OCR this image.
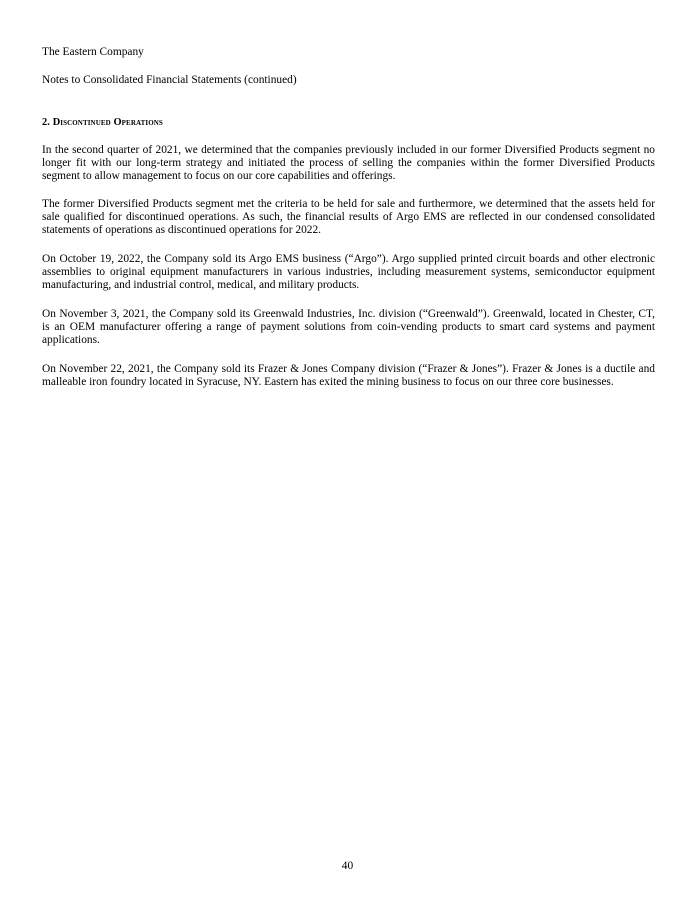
The Eastern Company

Notes to Consolidated Financial Statements (continued)

2. Discontinued Operations

In the second quarter of 2021, we determined that the companies previously included in our former Diversified Products segment no longer fit with our long-term strategy and initiated the process of selling the companies within the former Diversified Products segment to allow management to focus on our core capabilities and offerings.

The former Diversified Products segment met the criteria to be held for sale and furthermore, we determined that the assets held for sale qualified for discontinued operations. As such, the financial results of Argo EMS are reflected in our condensed consolidated statements of operations as discontinued operations for 2022.

On October 19, 2022, the Company sold its Argo EMS business (“Argo”). Argo supplied printed circuit boards and other electronic assemblies to original equipment manufacturers in various industries, including measurement systems, semiconductor equipment manufacturing, and industrial control, medical, and military products.

On November 3, 2021, the Company sold its Greenwald Industries, Inc. division (“Greenwald”). Greenwald, located in Chester, CT, is an OEM manufacturer offering a range of payment solutions from coin-vending products to smart card systems and payment applications.

On November 22, 2021, the Company sold its Frazer & Jones Company division (“Frazer & Jones”). Frazer & Jones is a ductile and malleable iron foundry located in Syracuse, NY. Eastern has exited the mining business to focus on our three core businesses.

40
